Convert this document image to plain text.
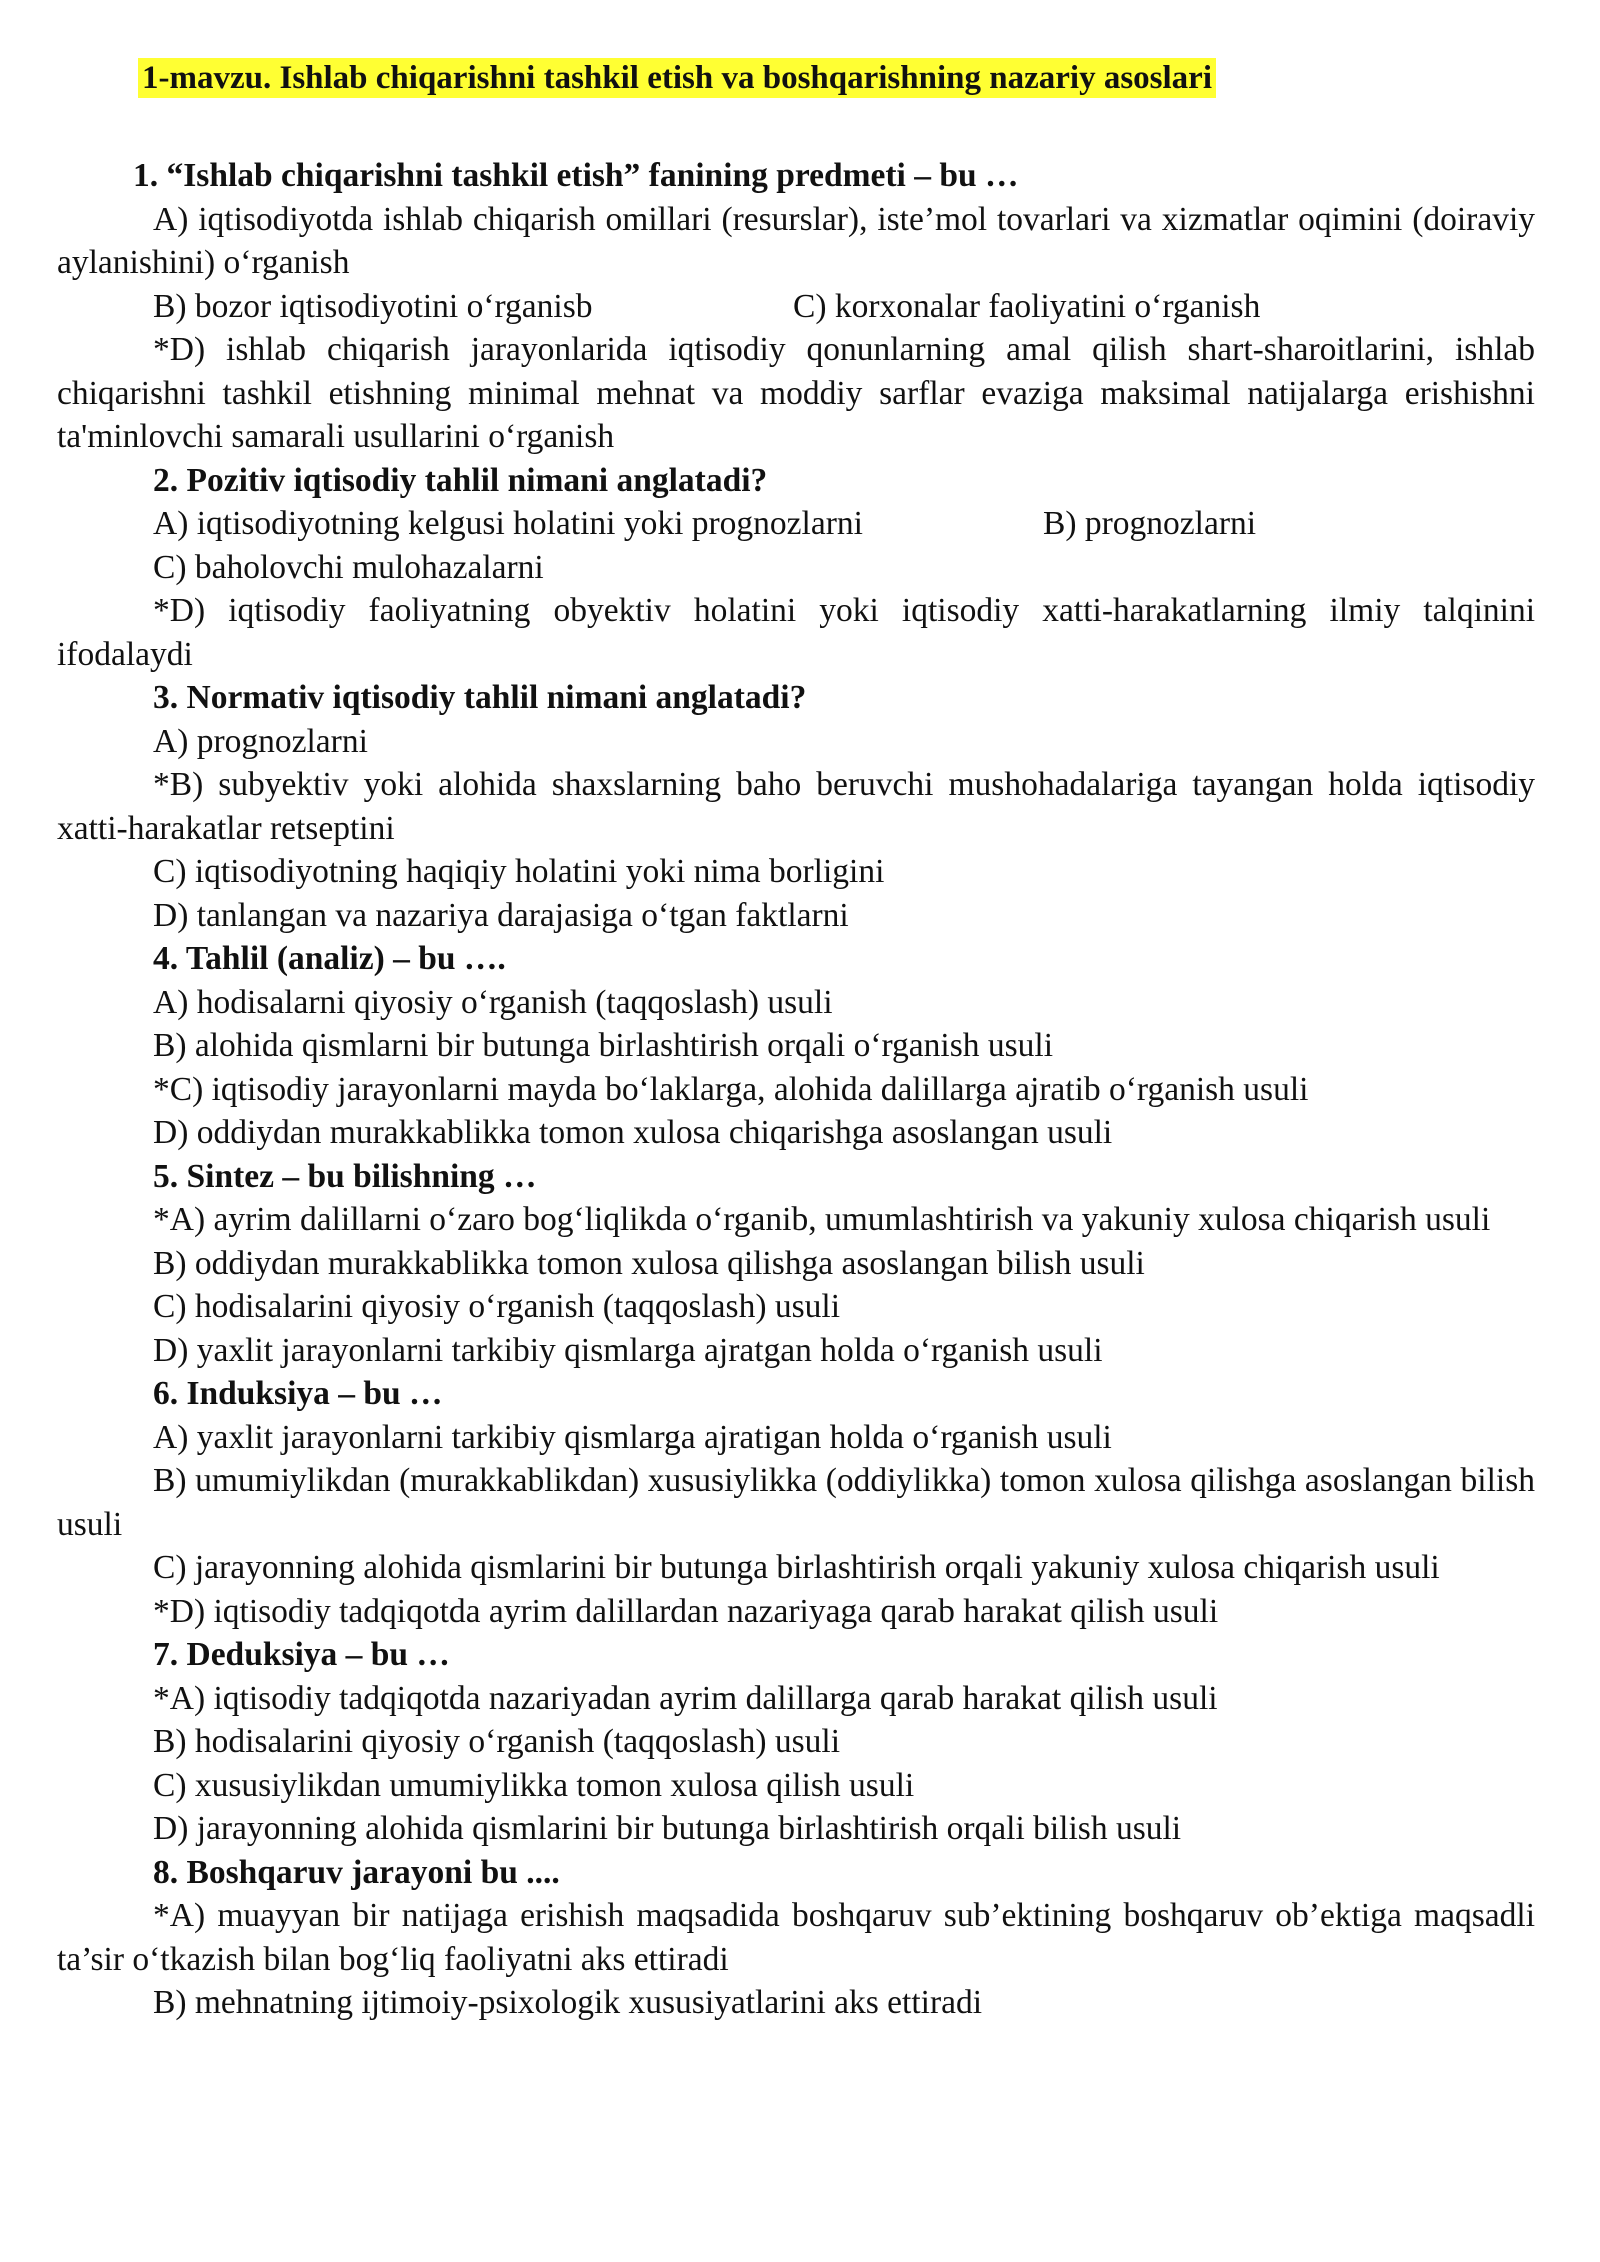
1-mavzu. Ishlab chiqarishni tashkil etish va boshqarishning nazariy asoslari
1. “Ishlab chiqarishni tashkil etish” fanining predmeti – bu …
A) iqtisodiyotda ishlab chiqarish omillari (resurslar), iste’mol tovarlari va xizmatlar oqimini (doiraviy aylanishini) o‘rganish
B) bozor iqtisodiyotini o‘rganisb	C) korxonalar faoliyatini o‘rganish
*D) ishlab chiqarish jarayonlarida iqtisodiy qonunlarning amal qilish shart-sharoitlarini, ishlab chiqarishni tashkil etishning minimal mehnat va moddiy sarflar evaziga maksimal natijalarga erishishni ta'minlovchi samarali usullarini o‘rganish
2. Pozitiv iqtisodiy tahlil nimani anglatadi?
A) iqtisodiyotning kelgusi holatini yoki prognozlarni	B) prognozlarni
C) baholovchi mulohazalarni
*D) iqtisodiy faoliyatning obyektiv holatini yoki iqtisodiy xatti-harakatlarning ilmiy talqinini ifodalaydi
3. Normativ iqtisodiy tahlil nimani anglatadi?
A) prognozlarni
*B) subyektiv yoki alohida shaxslarning baho beruvchi mushohadalariga tayangan holda iqtisodiy xatti-harakatlar retseptini
C) iqtisodiyotning haqiqiy holatini yoki nima borligini
D) tanlangan va nazariya darajasiga o‘tgan faktlarni
4. Tahlil (analiz) – bu ….
A) hodisalarni qiyosiy o‘rganish (taqqoslash) usuli
B) alohida qismlarni bir butunga birlashtirish orqali o‘rganish usuli
*C) iqtisodiy jarayonlarni mayda bo‘laklarga, alohida dalillarga ajratib o‘rganish usuli
D) oddiydan murakkablikka tomon xulosa chiqarishga asoslangan usuli
5. Sintez – bu bilishning …
*A) ayrim dalillarni o‘zaro bog‘liqlikda o‘rganib, umumlashtirish va yakuniy xulosa chiqarish usuli
B) oddiydan murakkablikka tomon xulosa qilishga asoslangan bilish usuli
C) hodisalarini qiyosiy o‘rganish (taqqoslash) usuli
D) yaxlit jarayonlarni tarkibiy qismlarga ajratgan holda o‘rganish usuli
6. Induksiya – bu …
A) yaxlit jarayonlarni tarkibiy qismlarga ajratigan holda o‘rganish usuli
B) umumiylikdan (murakkablikdan) xususiylikka (oddiylikka) tomon xulosa qilishga asoslangan bilish usuli
C) jarayonning alohida qismlarini bir butunga birlashtirish orqali yakuniy xulosa chiqarish usuli
*D) iqtisodiy tadqiqotda ayrim dalillardan nazariyaga qarab harakat qilish usuli
7. Deduksiya – bu …
*A) iqtisodiy tadqiqotda nazariyadan ayrim dalillarga qarab harakat qilish usuli
B) hodisalarini qiyosiy o‘rganish (taqqoslash) usuli
C) xususiylikdan umumiylikka tomon xulosa qilish usuli
D) jarayonning alohida qismlarini bir butunga birlashtirish orqali bilish usuli
8. Boshqaruv jarayoni bu ....
*A) muayyan bir natijaga erishish maqsadida boshqaruv sub’ektining boshqaruv ob’ektiga maqsadli ta’sir o‘tkazish bilan bog‘liq faoliyatni aks ettiradi
B) mehnatning ijtimoiy-psixologik xususiyatlarini aks ettiradi
